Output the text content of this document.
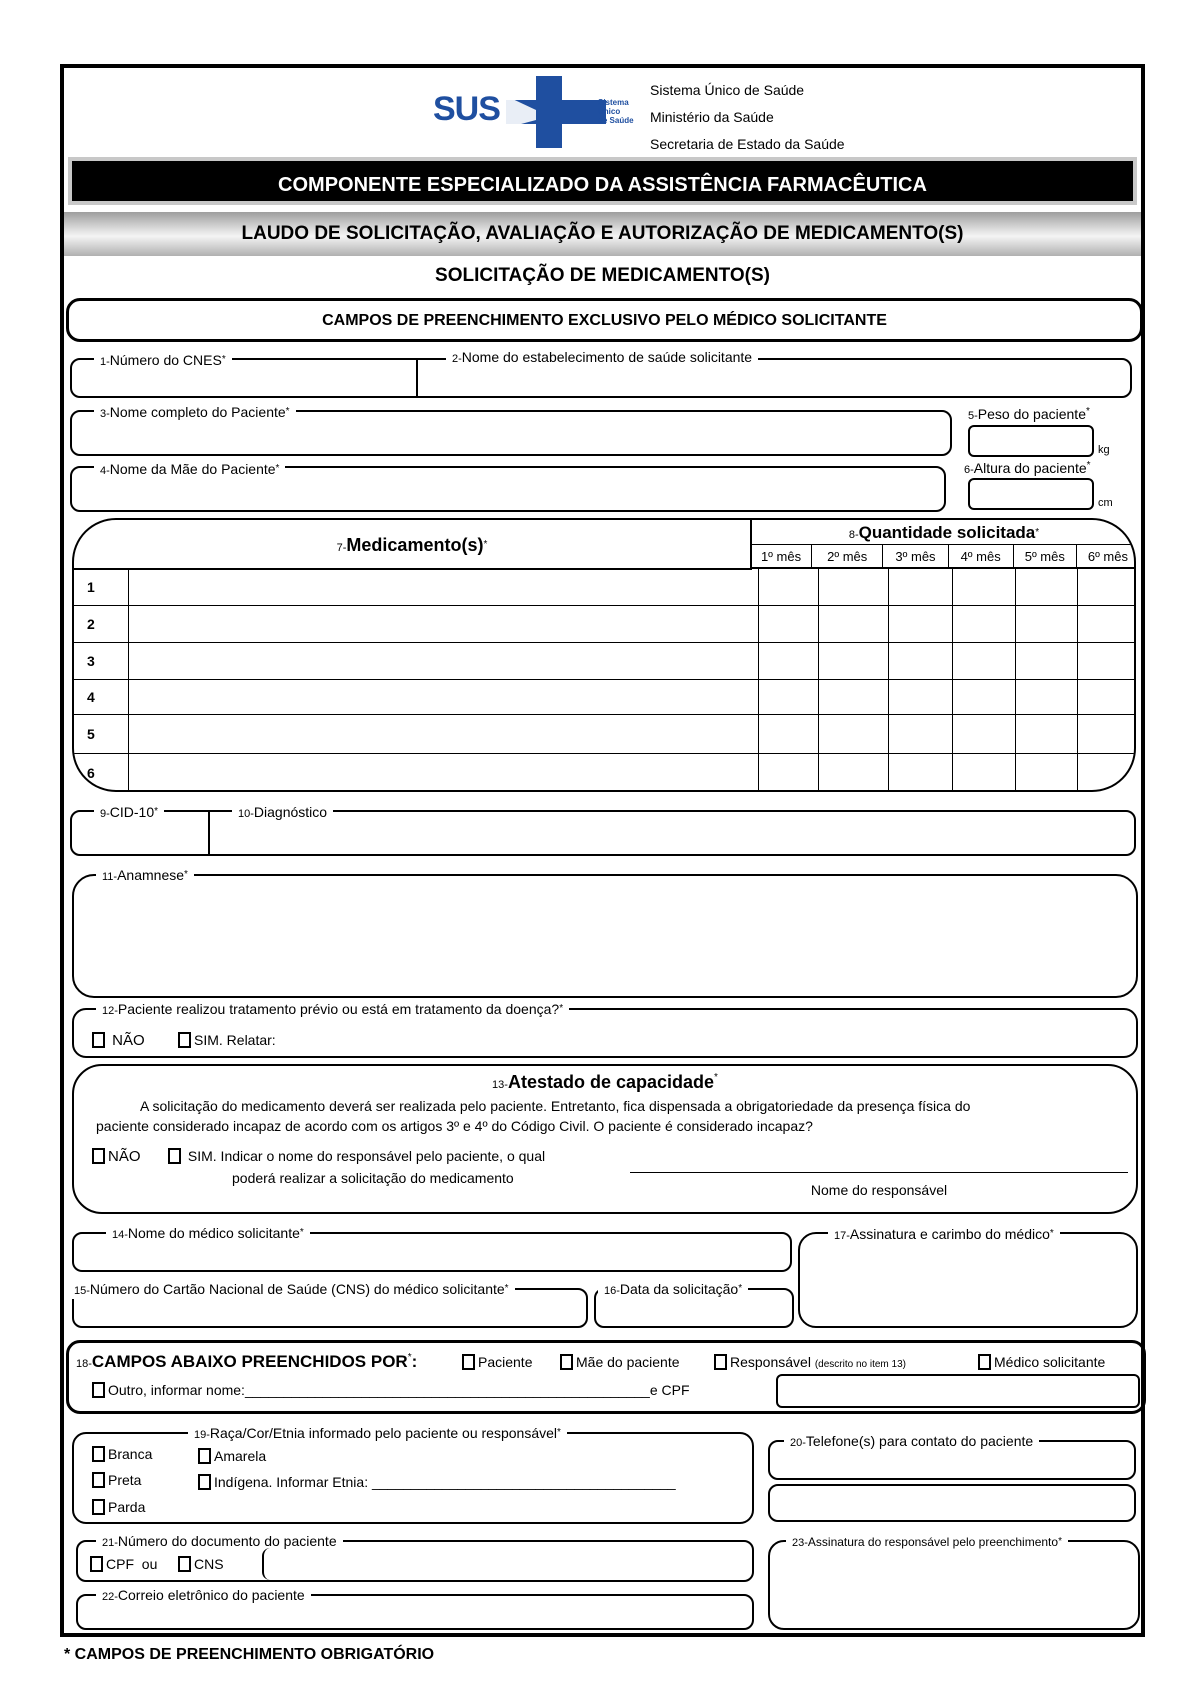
SUS	Sistema
Único
de Saúde
Sistema Único de Saúde
Ministério da Saúde
Secretaria de Estado da Saúde
COMPONENTE ESPECIALIZADO DA ASSISTÊNCIA FARMACÊUTICA
LAUDO DE SOLICITAÇÃO, AVALIAÇÃO E AUTORIZAÇÃO DE MEDICAMENTO(S)
SOLICITAÇÃO DE MEDICAMENTO(S)
CAMPOS DE PREENCHIMENTO EXCLUSIVO PELO MÉDICO SOLICITANTE
1-Número do CNES*	2-Nome do estabelecimento de saúde solicitante
3-Nome completo do Paciente*	5-Peso do paciente*
kg
4-Nome da Mãe do Paciente*	6-Altura do paciente*
cm
7-Medicamento(s)*
8-Quantidade solicitada*
1º mês	2º mês	3º mês	4º mês	5º mês	6º mês
1							
2							
3							
4							
5							
6							
9-CID-10*	10-Diagnóstico
11-Anamnese*
12-Paciente realizou tratamento prévio ou está em tratamento da doença?*
NÃO	SIM. Relatar:
13-Atestado de capacidade*
A solicitação do medicamento deverá ser realizada pelo paciente. Entretanto, fica dispensada a obrigatoriedade da presença física do
paciente considerado incapaz de acordo com os artigos 3º e 4º do Código Civil. O paciente é considerado incapaz?
NÃO	SIM. Indicar o nome do responsável pelo paciente, o qual
poderá realizar a solicitação do medicamento
Nome do responsável
14-Nome do médico solicitante*
15-Número do Cartão Nacional de Saúde (CNS) do médico solicitante*	16-Data da solicitação*
17-Assinatura e carimbo do médico*
18-CAMPOS ABAIXO PREENCHIDOS POR*:	Paciente	Mãe do paciente	Responsável (descrito no item 13)	Médico solicitante
Outro, informar nome:____________________________________________________e CPF
19-Raça/Cor/Etnia informado pelo paciente ou responsável*
Branca
Preta
Parda
Amarela
Indígena. Informar Etnia: _______________________________________
20-Telefone(s) para contato do paciente
21-Número do documento do paciente
CPF ou	CNS
22-Correio eletrônico do paciente
23-Assinatura do responsável pelo preenchimento*
* CAMPOS DE PREENCHIMENTO OBRIGATÓRIO
